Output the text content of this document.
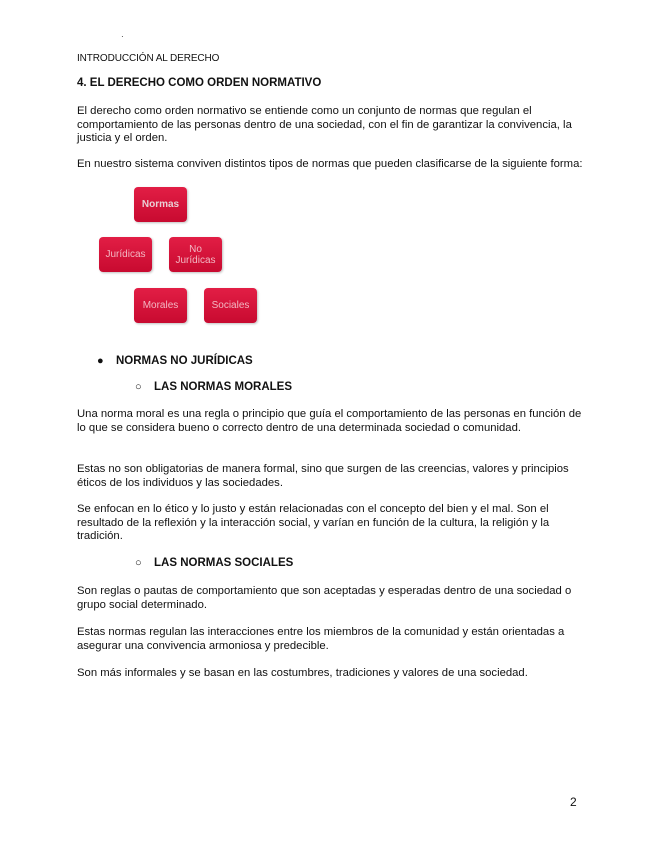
·
INTRODUCCIÓN AL DERECHO
4. EL DERECHO COMO ORDEN NORMATIVO
El derecho como orden normativo se entiende como un conjunto de normas que regulan el comportamiento de las personas dentro de una sociedad, con el fin de garantizar la convivencia, la justicia y el orden.
En nuestro sistema conviven distintos tipos de normas que pueden clasificarse de la siguiente forma:
Normas
Jurídicas	No Jurídicas
Morales	Sociales
● NORMAS NO JURÍDICAS
○ LAS NORMAS MORALES
Una norma moral es una regla o principio que guía el comportamiento de las personas en función de lo que se considera bueno o correcto dentro de una determinada sociedad o comunidad.
Estas no son obligatorias de manera formal, sino que surgen de las creencias, valores y principios éticos de los individuos y las sociedades.
Se enfocan en lo ético y lo justo y están relacionadas con el concepto del bien y el mal. Son el resultado de la reflexión y la interacción social, y varían en función de la cultura, la religión y la tradición.
○ LAS NORMAS SOCIALES
Son reglas o pautas de comportamiento que son aceptadas y esperadas dentro de una sociedad o grupo social determinado.
Estas normas regulan las interacciones entre los miembros de la comunidad y están orientadas a asegurar una convivencia armoniosa y predecible.
Son más informales y se basan en las costumbres, tradiciones y valores de una sociedad.
2
